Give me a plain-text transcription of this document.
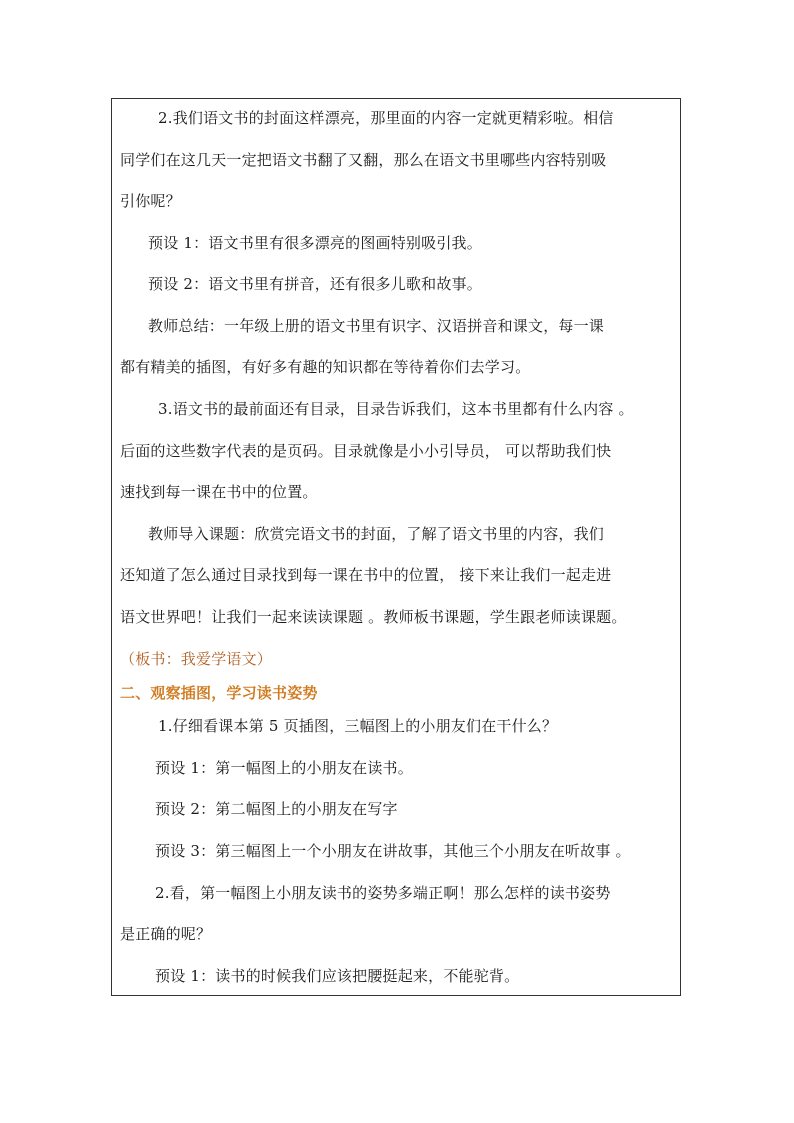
2.我们语文书的封面这样漂亮，那里面的内容一定就更精彩啦。相信
同学们在这几天一定把语文书翻了又翻，那么在语文书里哪些内容特别吸
引你呢？
预设 1：语文书里有很多漂亮的图画特别吸引我。
预设 2：语文书里有拼音，还有很多儿歌和故事。
教师总结：一年级上册的语文书里有识字、汉语拼音和课文，每一课
都有精美的插图，有好多有趣的知识都在等待着你们去学习。
3.语文书的最前面还有目录，目录告诉我们，这本书里都有什么内容 。
后面的这些数字代表的是页码。目录就像是小小引导员， 可以帮助我们快
速找到每一课在书中的位置。
教师导入课题：欣赏完语文书的封面，了解了语文书里的内容，我们
还知道了怎么通过目录找到每一课在书中的位置， 接下来让我们一起走进
语文世界吧！让我们一起来读读课题 。教师板书课题，学生跟老师读课题。
（板书：我爱学语文）
二、观察插图，学习读书姿势
1.仔细看课本第 5 页插图，三幅图上的小朋友们在干什么？
预设 1：第一幅图上的小朋友在读书。
预设 2：第二幅图上的小朋友在写字
预设 3：第三幅图上一个小朋友在讲故事，其他三个小朋友在听故事 。
2.看，第一幅图上小朋友读书的姿势多端正啊！那么怎样的读书姿势
是正确的呢？
预设 1：读书的时候我们应该把腰挺起来，不能驼背。
